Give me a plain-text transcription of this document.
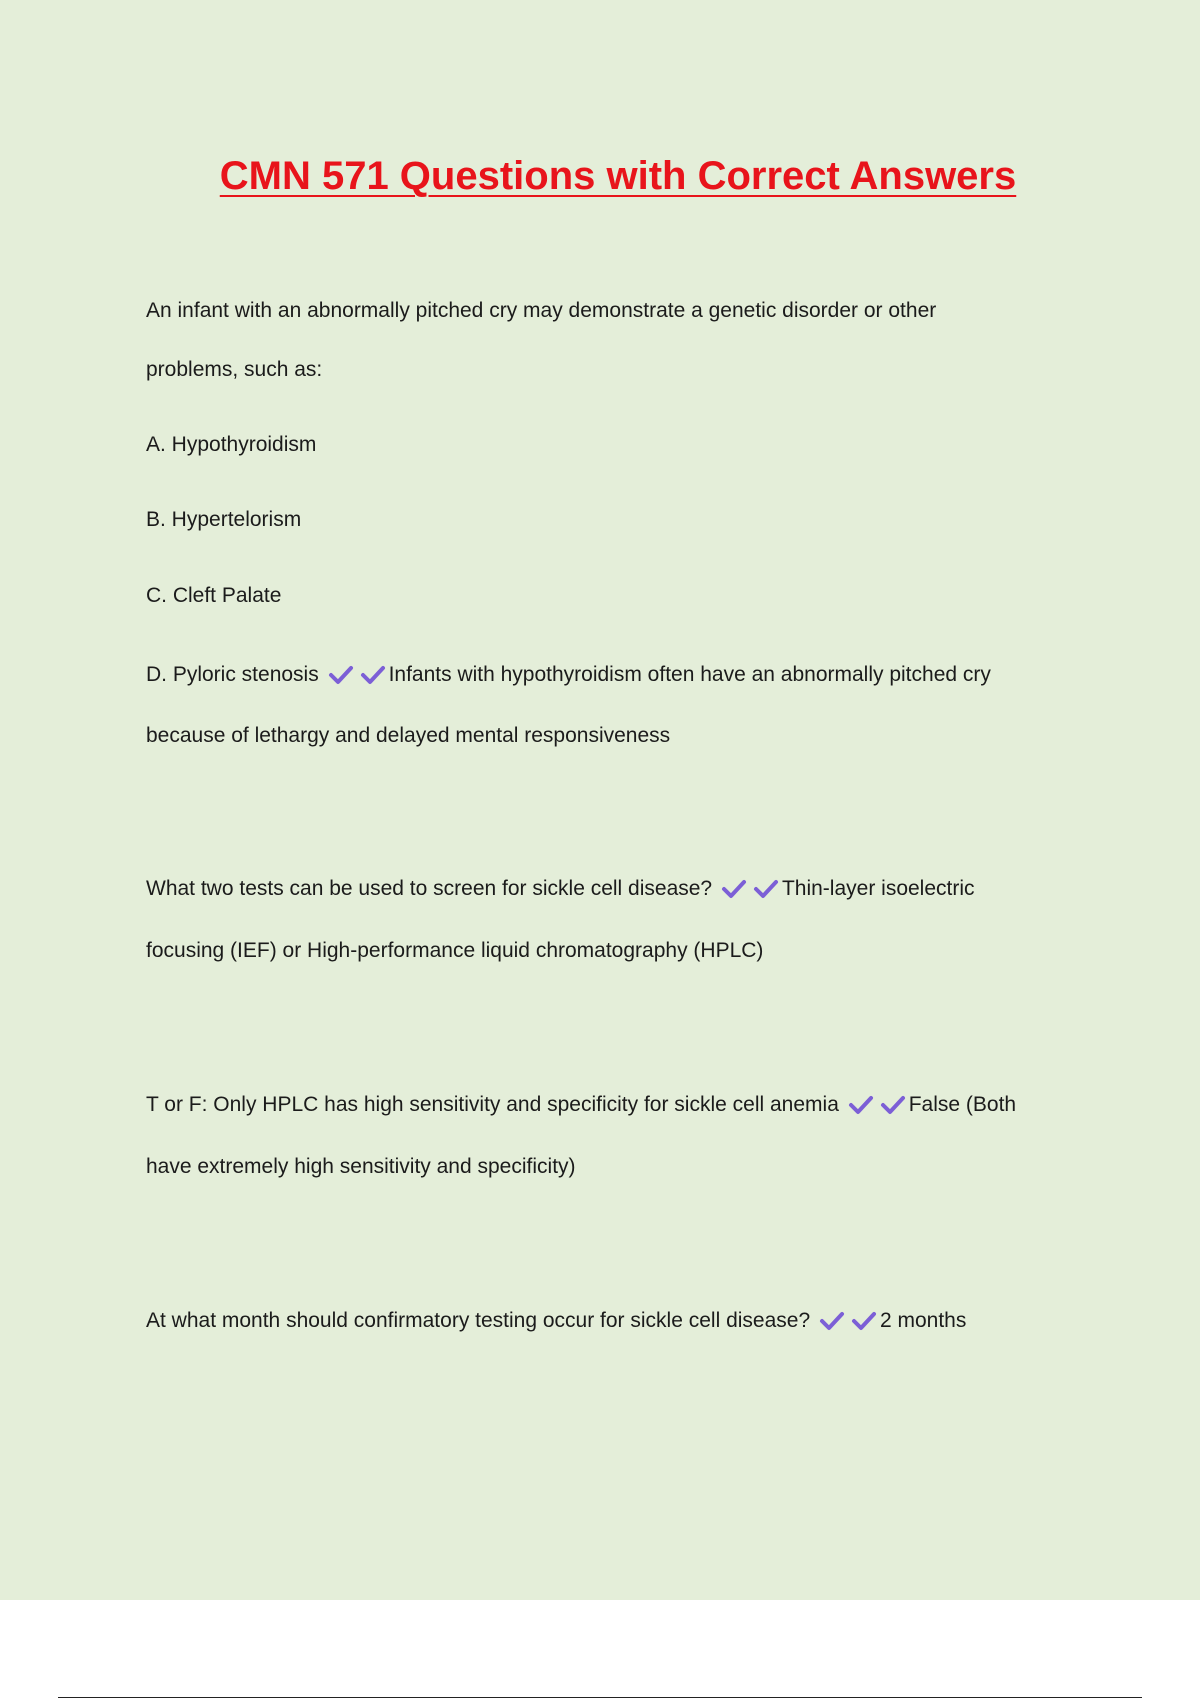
CMN 571 Questions with Correct Answers

An infant with an abnormally pitched cry may demonstrate a genetic disorder or other

problems, such as:

A. Hypothyroidism

B. Hypertelorism

C. Cleft Palate

D. Pyloric stenosis	Infants with hypothyroidism often have an abnormally pitched cry

because of lethargy and delayed mental responsiveness

What two tests can be used to screen for sickle cell disease?	Thin-layer isoelectric

focusing (IEF) or High-performance liquid chromatography (HPLC)

T or F: Only HPLC has high sensitivity and specificity for sickle cell anemia	False (Both

have extremely high sensitivity and specificity)

At what month should confirmatory testing occur for sickle cell disease?	2 months
